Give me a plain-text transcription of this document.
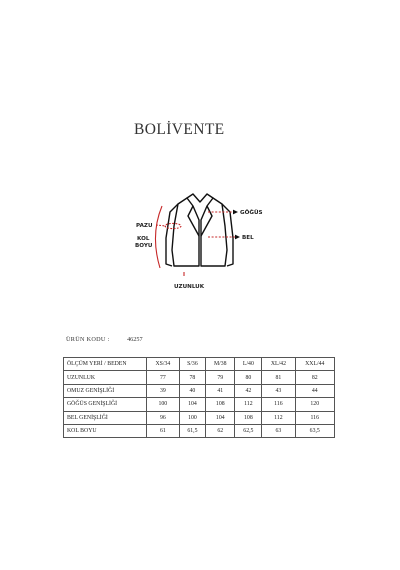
BOLİVENTE
GÖĞÜS
BEL
PAZU
KOL
BOYU
UZUNLUK
ÜRÜN KODU :	46257
ÖLÇÜM YERİ / BEDEN	XS/34	S/36	M/38	L/40	XL/42	XXL/44
UZUNLUK	77	78	79	80	81	82
OMUZ GENİŞLİĞİ	39	40	41	42	43	44
GÖĞÜS GENİŞLİĞİ	100	104	108	112	116	120
BEL GENİŞLİĞİ	96	100	104	108	112	116
KOL BOYU	61	61,5	62	62,5	63	63,5
